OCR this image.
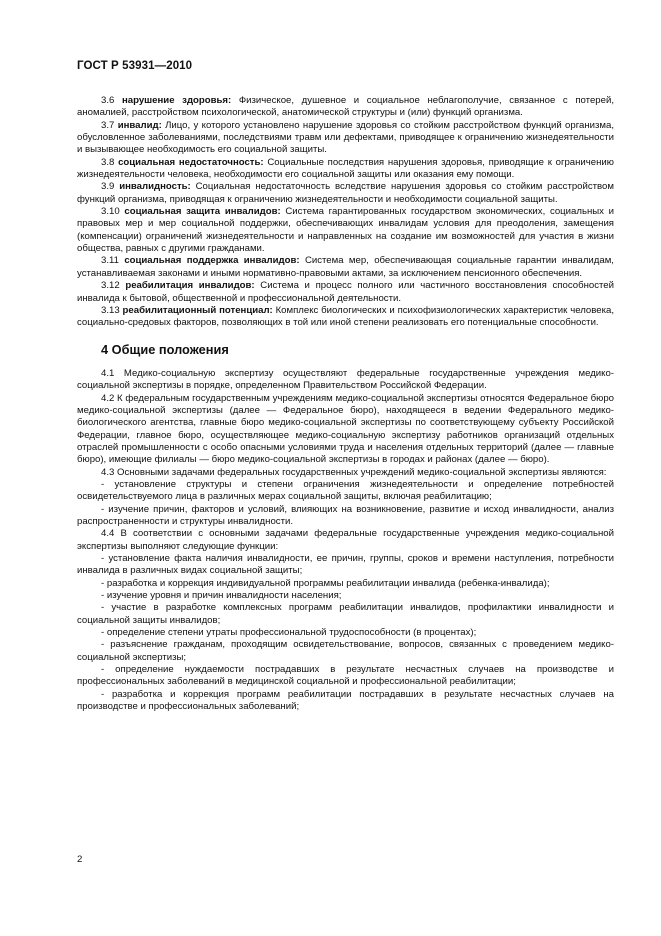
ГОСТ Р 53931—2010

3.6 нарушение здоровья: Физическое, душевное и социальное неблагополучие, связанное с потерей, аномалией, расстройством психологической, анатомической структуры и (или) функций организма.

3.7 инвалид: Лицо, у которого установлено нарушение здоровья со стойким расстройством функций организма, обусловленное заболеваниями, последствиями травм или дефектами, приводящее к ограничению жизнедеятельности и вызывающее необходимость его социальной защиты.

3.8 социальная недостаточность: Социальные последствия нарушения здоровья, приводящие к ограничению жизнедеятельности человека, необходимости его социальной защиты или оказания ему помощи.

3.9 инвалидность: Социальная недостаточность вследствие нарушения здоровья со стойким расстройством функций организма, приводящая к ограничению жизнедеятельности и необходимости социальной защиты.

3.10 социальная защита инвалидов: Система гарантированных государством экономических, социальных и правовых мер и мер социальной поддержки, обеспечивающих инвалидам условия для преодоления, замещения (компенсации) ограничений жизнедеятельности и направленных на создание им возможностей для участия в жизни общества, равных с другими гражданами.

3.11 социальная поддержка инвалидов: Система мер, обеспечивающая социальные гарантии инвалидам, устанавливаемая законами и иными нормативно-правовыми актами, за исключением пенсионного обеспечения.

3.12 реабилитация инвалидов: Система и процесс полного или частичного восстановления способностей инвалида к бытовой, общественной и профессиональной деятельности.

3.13 реабилитационный потенциал: Комплекс биологических и психофизиологических характеристик человека, социально-средовых факторов, позволяющих в той или иной степени реализовать его потенциальные способности.

4 Общие положения

4.1 Медико-социальную экспертизу осуществляют федеральные государственные учреждения медико-социальной экспертизы в порядке, определенном Правительством Российской Федерации.

4.2 К федеральным государственным учреждениям медико-социальной экспертизы относятся Федеральное бюро медико-социальной экспертизы (далее — Федеральное бюро), находящееся в ведении Федерального медико-биологического агентства, главные бюро медико-социальной экспертизы по соответствующему субъекту Российской Федерации, главное бюро, осуществляющее медико-социальную экспертизу работников организаций отдельных отраслей промышленности с особо опасными условиями труда и населения отдельных территорий (далее — главные бюро), имеющие филиалы — бюро медико-социальной экспертизы в городах и районах (далее — бюро).

4.3 Основными задачами федеральных государственных учреждений медико-социальной экспертизы являются:

- установление структуры и степени ограничения жизнедеятельности и определение потребностей освидетельствуемого лица в различных мерах социальной защиты, включая реабилитацию;

- изучение причин, факторов и условий, влияющих на возникновение, развитие и исход инвалидности, анализ распространенности и структуры инвалидности.

4.4 В соответствии с основными задачами федеральные государственные учреждения медико-социальной экспертизы выполняют следующие функции:

- установление факта наличия инвалидности, ее причин, группы, сроков и времени наступления, потребности инвалида в различных видах социальной защиты;

- разработка и коррекция индивидуальной программы реабилитации инвалида (ребенка-инвалида);

- изучение уровня и причин инвалидности населения;

- участие в разработке комплексных программ реабилитации инвалидов, профилактики инвалидности и социальной защиты инвалидов;

- определение степени утраты профессиональной трудоспособности (в процентах);

- разъяснение гражданам, проходящим освидетельствование, вопросов, связанных с проведением медико-социальной экспертизы;

- определение нуждаемости пострадавших в результате несчастных случаев на производстве и профессиональных заболеваний в медицинской социальной и профессиональной реабилитации;

- разработка и коррекция программ реабилитации пострадавших в результате несчастных случаев на производстве и профессиональных заболеваний;

2
